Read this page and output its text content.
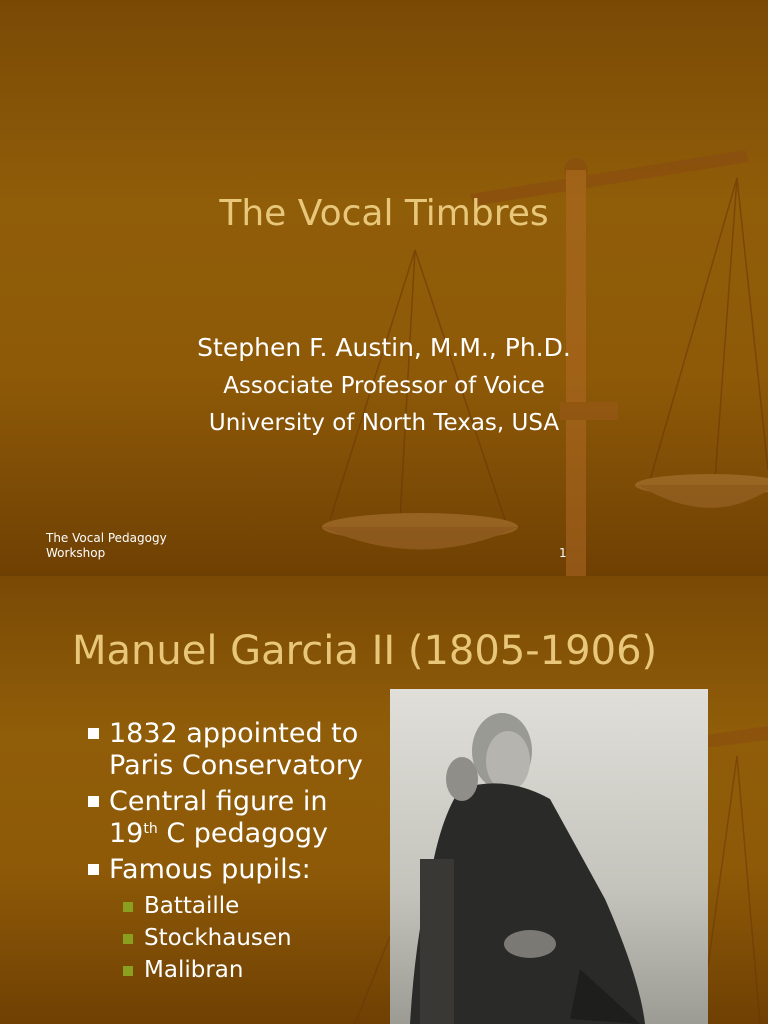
The Vocal Timbres
Stephen F. Austin, M.M., Ph.D.
Associate Professor of Voice
University of North Texas, USA
The Vocal Pedagogy Workshop	1
Manuel Garcia II (1805-1906)
1832 appointed to Paris Conservatory
Central figure in 19th C pedagogy
Famous pupils:
Battaille
Stockhausen
Malibran
